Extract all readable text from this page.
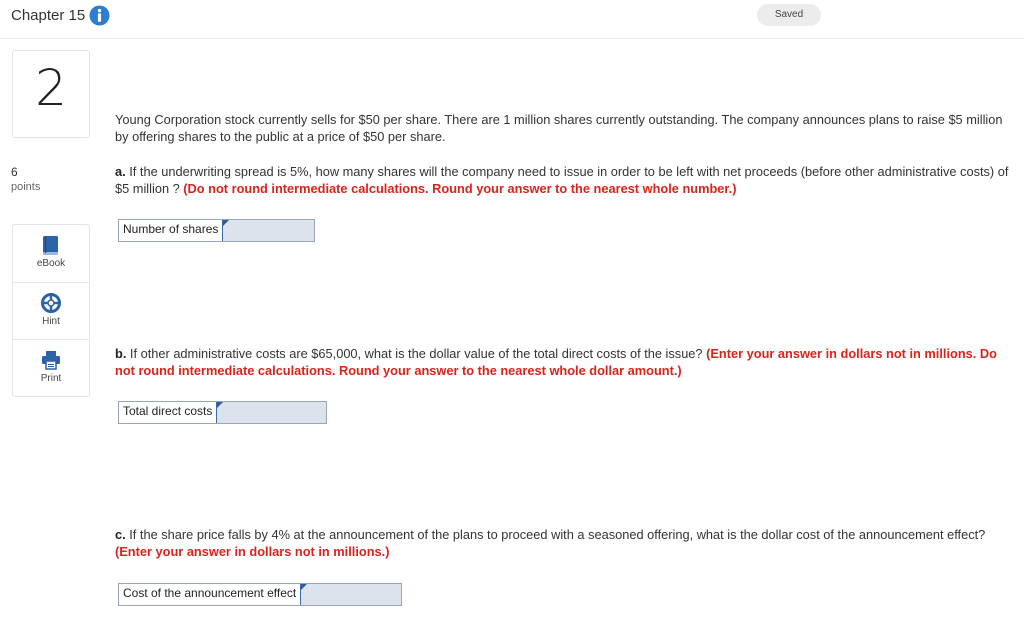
Chapter 15	Saved
2
6
points
eBook
Hint
Print
Young Corporation stock currently sells for $50 per share. There are 1 million shares currently outstanding. The company announces plans to raise $5 million by offering shares to the public at a price of $50 per share.
a. If the underwriting spread is 5%, how many shares will the company need to issue in order to be left with net proceeds (before other administrative costs) of $5 million ? (Do not round intermediate calculations. Round your answer to the nearest whole number.)
Number of shares
b. If other administrative costs are $65,000, what is the dollar value of the total direct costs of the issue? (Enter your answer in dollars not in millions. Do not round intermediate calculations. Round your answer to the nearest whole dollar amount.)
Total direct costs
c. If the share price falls by 4% at the announcement of the plans to proceed with a seasoned offering, what is the dollar cost of the announcement effect? (Enter your answer in dollars not in millions.)
Cost of the announcement effect
